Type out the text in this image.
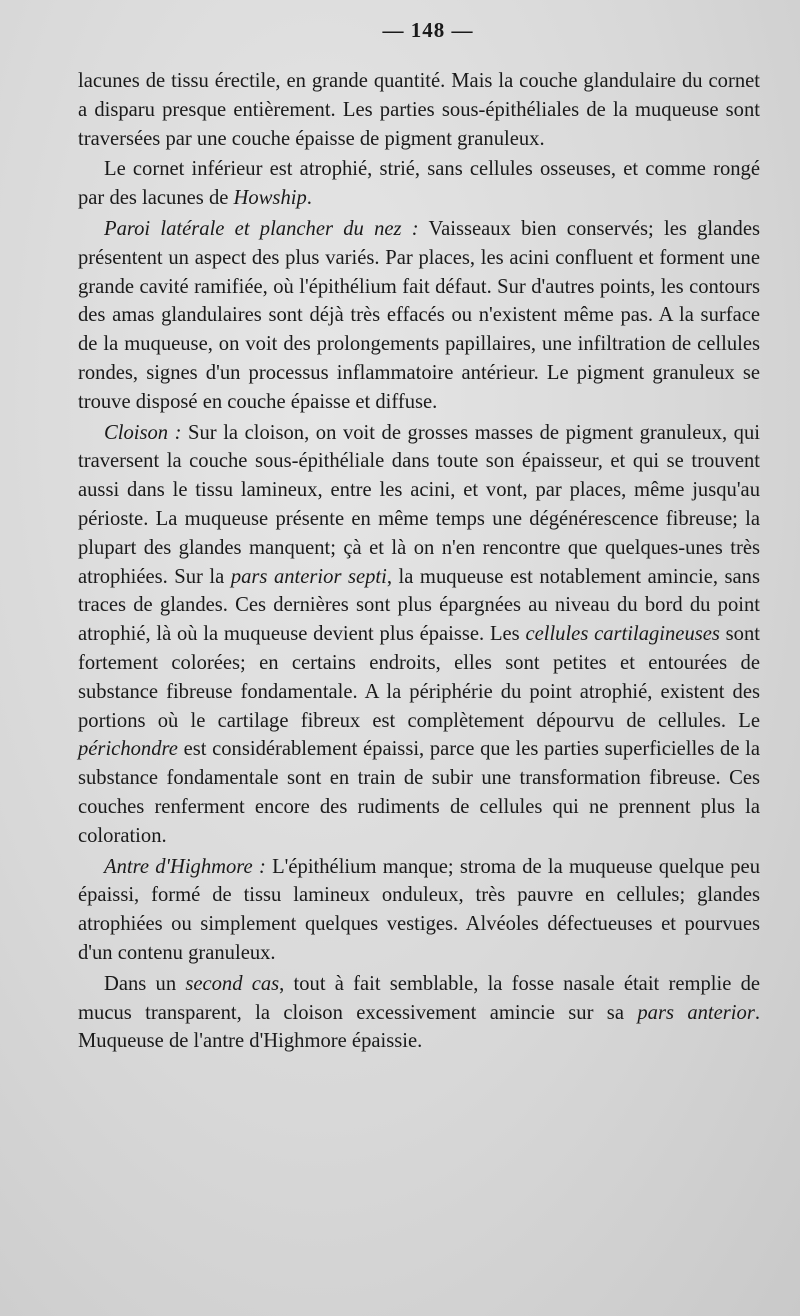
— 148 —

lacunes de tissu érectile, en grande quantité. Mais la couche glandulaire du cornet a disparu presque entièrement. Les parties sous-épithéliales de la muqueuse sont traversées par une couche épaisse de pigment granuleux.

Le cornet inférieur est atrophié, strié, sans cellules osseuses, et comme rongé par des lacunes de Howship.

Paroi latérale et plancher du nez : Vaisseaux bien conservés; les glandes présentent un aspect des plus variés. Par places, les acini confluent et forment une grande cavité ramifiée, où l'épithélium fait défaut. Sur d'autres points, les contours des amas glandulaires sont déjà très effacés ou n'existent même pas. A la surface de la muqueuse, on voit des prolongements papillaires, une infiltration de cellules rondes, signes d'un processus inflammatoire antérieur. Le pigment granuleux se trouve disposé en couche épaisse et diffuse.

Cloison : Sur la cloison, on voit de grosses masses de pigment granuleux, qui traversent la couche sous-épithéliale dans toute son épaisseur, et qui se trouvent aussi dans le tissu lamineux, entre les acini, et vont, par places, même jusqu'au périoste. La muqueuse présente en même temps une dégénérescence fibreuse; la plupart des glandes manquent; çà et là on n'en rencontre que quelques-unes très atrophiées. Sur la pars anterior septi, la muqueuse est notablement amincie, sans traces de glandes. Ces dernières sont plus épargnées au niveau du bord du point atrophié, là où la muqueuse devient plus épaisse. Les cellules cartilagineuses sont fortement colorées; en certains endroits, elles sont petites et entourées de substance fibreuse fondamentale. A la périphérie du point atrophié, existent des portions où le cartilage fibreux est complètement dépourvu de cellules. Le périchondre est considérablement épaissi, parce que les parties superficielles de la substance fondamentale sont en train de subir une transformation fibreuse. Ces couches renferment encore des rudiments de cellules qui ne prennent plus la coloration.

Antre d'Highmore : L'épithélium manque; stroma de la muqueuse quelque peu épaissi, formé de tissu lamineux onduleux, très pauvre en cellules; glandes atrophiées ou simplement quelques vestiges. Alvéoles défectueuses et pourvues d'un contenu granuleux.

Dans un second cas, tout à fait semblable, la fosse nasale était remplie de mucus transparent, la cloison excessivement amincie sur sa pars anterior. Muqueuse de l'antre d'Highmore épaissie.
